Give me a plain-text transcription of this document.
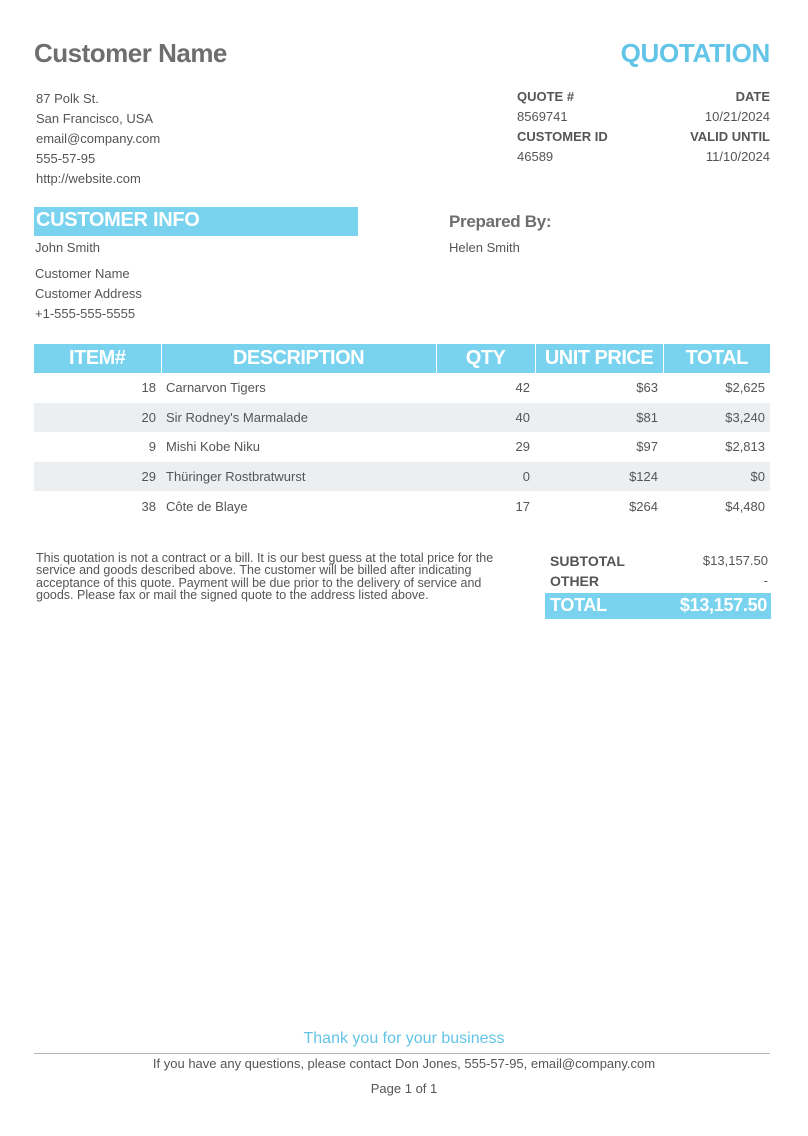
Customer Name	QUOTATION
87 Polk St.
San Francisco, USA
email@company.com
555-57-95
http://website.com
QUOTE #	DATE
8569741	10/21/2024
CUSTOMER ID	VALID UNTIL
46589	11/10/2024
CUSTOMER INFO
John Smith
Customer Name
Customer Address
+1-555-555-5555
Prepared By:
Helen Smith
ITEM#	DESCRIPTION	QTY	UNIT PRICE	TOTAL
18	Carnarvon Tigers	42	$63	$2,625
20	Sir Rodney's Marmalade	40	$81	$3,240
9	Mishi Kobe Niku	29	$97	$2,813
29	Thüringer Rostbratwurst	0	$124	$0
38	Côte de Blaye	17	$264	$4,480
This quotation is not a contract or a bill. It is our best guess at the total price for the service and goods described above. The customer will be billed after indicating acceptance of this quote. Payment will be due prior to the delivery of service and goods. Please fax or mail the signed quote to the address listed above.
SUBTOTAL	$13,157.50
OTHER	-
TOTAL	$13,157.50
Thank you for your business
If you have any questions, please contact Don Jones, 555-57-95, email@company.com
Page 1 of 1
